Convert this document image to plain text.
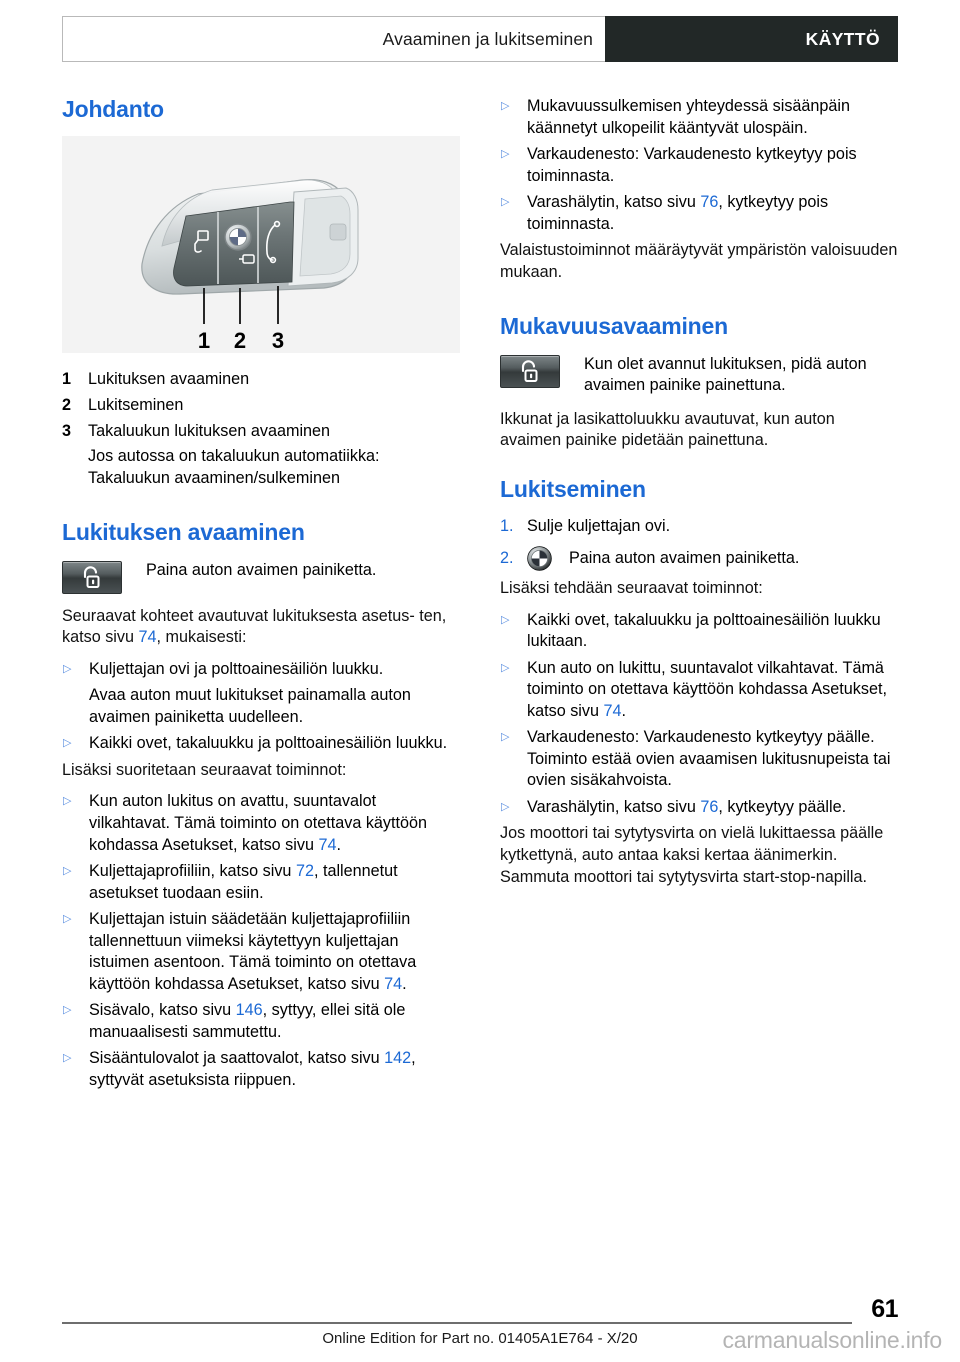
Avaaminen ja lukitseminen	KÄYTTÖ
Johdanto
1 2 3
1	Lukituksen avaaminen
2	Lukitseminen
3	Takaluukun lukituksen avaaminen
Jos autossa on takaluukun automatiikka: Takaluukun avaaminen/sulkeminen
Lukituksen avaaminen
Paina auton avaimen painiketta.

Seuraavat kohteet avautuvat lukituksesta asetus- ten, katso sivu 74, mukaisesti:

▷	Kuljettajan ovi ja polttoainesäiliön luukku.
Avaa auton muut lukitukset painamalla auton avaimen painiketta uudelleen.
▷	Kaikki ovet, takaluukku ja polttoainesäiliön luukku.

Lisäksi suoritetaan seuraavat toiminnot:

▷	Kun auton lukitus on avattu, suuntavalot vilkahtavat. Tämä toiminto on otettava käyttöön kohdassa Asetukset, katso sivu 74.
▷	Kuljettajaprofiiliin, katso sivu 72, tallennetut asetukset tuodaan esiin.
▷	Kuljettajan istuin säädetään kuljettajaprofiiliin tallennettuun viimeksi käytettyyn kuljettajan istuimen asentoon. Tämä toiminto on otettava käyttöön kohdassa Asetukset, katso sivu 74.
▷	Sisävalo, katso sivu 146, syttyy, ellei sitä ole manuaalisesti sammutettu.
▷	Sisääntulovalot ja saattovalot, katso sivu 142, syttyvät asetuksista riippuen.
▷	Mukavuussulkemisen yhteydessä sisäänpäin käännetyt ulkopeilit kääntyvät ulospäin.
▷	Varkaudenesto: Varkaudenesto kytkeytyy pois toiminnasta.
▷	Varashälytin, katso sivu 76, kytkeytyy pois toiminnasta.

Valaistustoiminnot määräytyvät ympäristön valoisuuden mukaan.

Mukavuusavaaminen
Kun olet avannut lukituksen, pidä auton avaimen painike painettuna.

Ikkunat ja lasikattoluukku avautuvat, kun auton avaimen painike pidetään painettuna.

Lukitseminen
1. Sulje kuljettajan ovi.
2.	Paina auton avaimen painiketta.

Lisäksi tehdään seuraavat toiminnot:

▷	Kaikki ovet, takaluukku ja polttoainesäiliön luukku lukitaan.
▷	Kun auto on lukittu, suuntavalot vilkahtavat. Tämä toiminto on otettava käyttöön kohdassa Asetukset, katso sivu 74.
▷	Varkaudenesto: Varkaudenesto kytkeytyy päälle. Toiminto estää ovien avaamisen lukitusnupeista tai ovien sisäkahvoista.
▷	Varashälytin, katso sivu 76, kytkeytyy päälle.

Jos moottori tai sytytysvirta on vielä lukittaessa päälle kytkettynä, auto antaa kaksi kertaa äänimerkin. Sammuta moottori tai sytytysvirta start-stop-napilla.

61
Online Edition for Part no. 01405A1E764 - X/20	carmanualsonline.info
